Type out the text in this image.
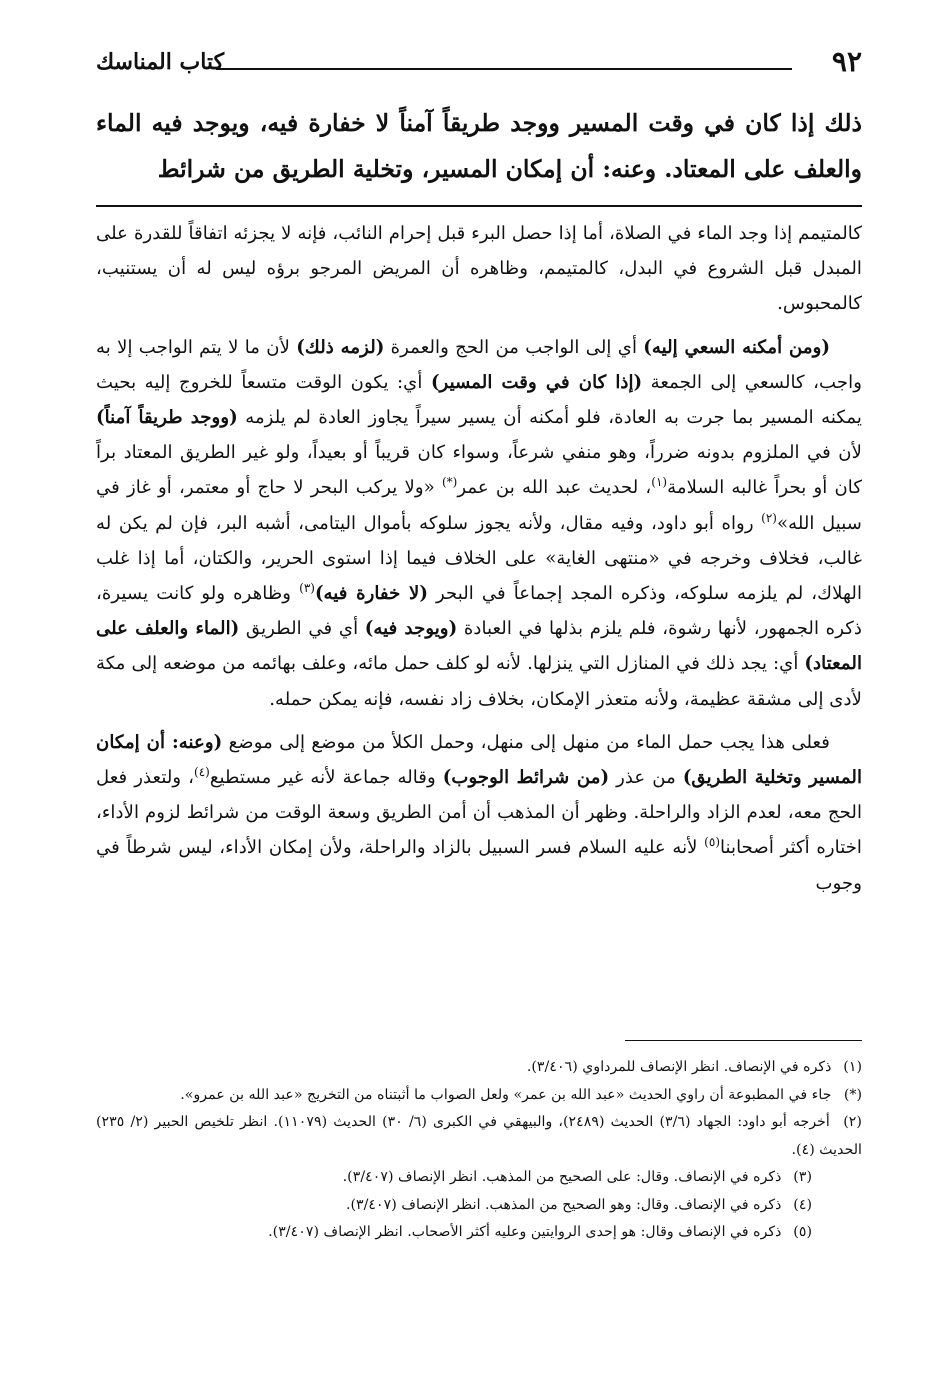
٩٢
كتاب المناسك
ذلك إذا كان في وقت المسير ووجد طريقاً آمناً لا خفارة فيه، ويوجد فيه الماء والعلف على المعتاد. وعنه: أن إمكان المسير، وتخلية الطريق من شرائط

كالمتيمم إذا وجد الماء في الصلاة، أما إذا حصل البرء قبل إحرام النائب، فإنه لا يجزئه اتفاقاً للقدرة على المبدل قبل الشروع في البدل، كالمتيمم، وظاهره أن المريض المرجو برؤه ليس له أن يستنيب، كالمحبوس.

(ومن أمكنه السعي إليه) أي إلى الواجب من الحج والعمرة (لزمه ذلك) لأن ما لا يتم الواجب إلا به واجب، كالسعي إلى الجمعة (إذا كان في وقت المسير) أي: يكون الوقت متسعاً للخروج إليه بحيث يمكنه المسير بما جرت به العادة، فلو أمكنه أن يسير سيراً يجاوز العادة لم يلزمه (ووجد طريقاً آمناً) لأن في الملزوم بدونه ضرراً، وهو منفي شرعاً، وسواء كان قريباً أو بعيداً، ولو غير الطريق المعتاد براً كان أو بحراً غالبه السلامة$^{(١)}$، لحديث عبد الله بن عمر(*) «ولا يركب البحر لا حاج أو معتمر، أو غاز في سبيل الله»$^{(٢)}$ رواه أبو داود، وفيه مقال، ولأنه يجوز سلوكه بأموال اليتامى، أشبه البر، فإن لم يكن له غالب، فخلاف وخرجه في «منتهى الغاية» على الخلاف فيما إذا استوى الحرير، والكتان، أما إذا غلب الهلاك، لم يلزمه سلوكه، وذكره المجد إجماعاً في البحر (لا خفارة فيه)$^{(٣)}$ وظاهره ولو كانت يسيرة، ذكره الجمهور، لأنها رشوة، فلم يلزم بذلها في العبادة (ويوجد فيه) أي في الطريق (الماء والعلف على المعتاد) أي: يجد ذلك في المنازل التي ينزلها. لأنه لو كلف حمل مائه، وعلف بهائمه من موضعه إلى مكة لأدى إلى مشقة عظيمة، ولأنه متعذر الإمكان، بخلاف زاد نفسه، فإنه يمكن حمله.

فعلى هذا يجب حمل الماء من منهل إلى منهل، وحمل الكلأ من موضع إلى موضع (وعنه: أن إمكان المسير وتخلية الطريق) من عذر (من شرائط الوجوب) وقاله جماعة لأنه غير مستطيع$^{(٤)}$، ولتعذر فعل الحج معه، لعدم الزاد والراحلة. وظهر أن المذهب أن أمن الطريق وسعة الوقت من شرائط لزوم الأداء، اختاره أكثر أصحابنا$^{(٥)}$ لأنه عليه السلام فسر السبيل بالزاد والراحلة، ولأن إمكان الأداء، ليس شرطاً في وجوب

(١) ذكره في الإنصاف. انظر الإنصاف للمرداوي (٣/٤٠٦).

(*) جاء في المطبوعة أن راوي الحديث «عبد الله بن عمر» ولعل الصواب ما أثبتناه من التخريج «عبد الله بن عمرو».

(٢) أخرجه أبو داود: الجهاد (٣/٦) الحديث (٢٤٨٩)، والبيهقي في الكبرى (٦/ ٣٠) الحديث (١١٠٧٩). انظر تلخيص الحبير (٢/ ٢٣٥) الحديث (٤).

(٣) ذكره في الإنصاف. وقال: على الصحيح من المذهب. انظر الإنصاف (٣/٤٠٧).

(٤) ذكره في الإنصاف. وقال: وهو الصحيح من المذهب. انظر الإنصاف (٣/٤٠٧).

(٥) ذكره في الإنصاف وقال: هو إحدى الروايتين وعليه أكثر الأصحاب. انظر الإنصاف (٣/٤٠٧).
